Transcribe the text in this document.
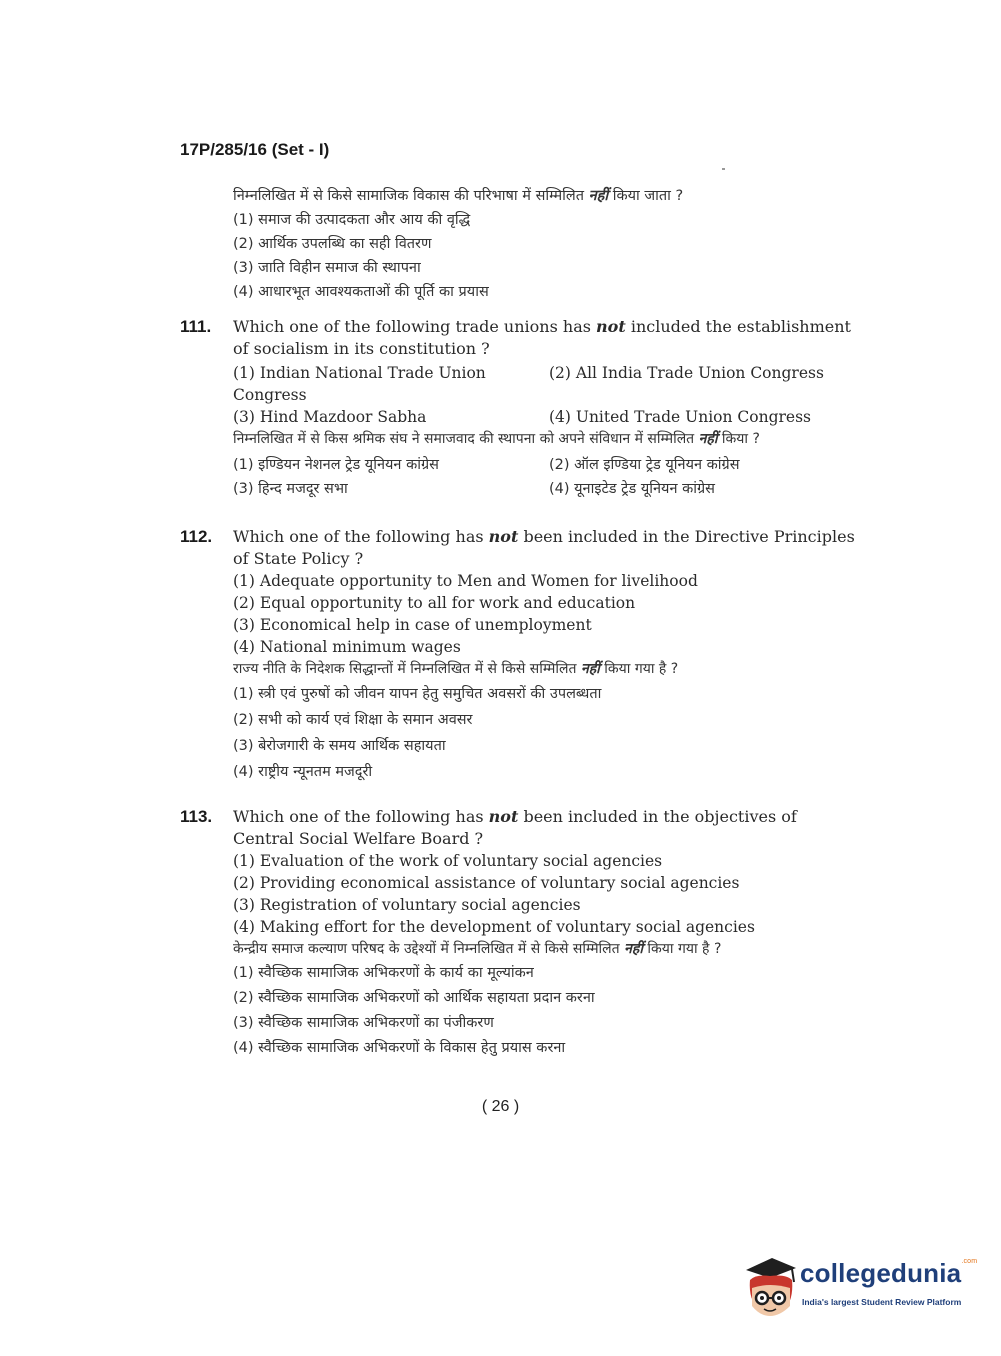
17P/285/16 (Set - I)
निम्नलिखित में से किसे सामाजिक विकास की परिभाषा में सम्मिलित नहीं किया जाता ?
(1) समाज की उत्पादकता और आय की वृद्धि
(2) आर्थिक उपलब्धि का सही वितरण
(3) जाति विहीन समाज की स्थापना
(4) आधारभूत आवश्यकताओं की पूर्ति का प्रयास
111.	Which one of the following trade unions has not included the establishment of socialism in its constitution ?

(1) Indian National Trade Union Congress
(2) All India Trade Union Congress
(3) Hind Mazdoor Sabha	(4) United Trade Union Congress
निम्नलिखित में से किस श्रमिक संघ ने समाजवाद की स्थापना को अपने संविधान में सम्मिलित नहीं किया ?
(1) इण्डियन नेशनल ट्रेड यूनियन कांग्रेस	(2) ऑल इण्डिया ट्रेड यूनियन कांग्रेस
(3) हिन्द मजदूर सभा	(4) यूनाइटेड ट्रेड यूनियन कांग्रेस
112.	Which one of the following has not been included in the Directive Principles of State Policy ?

(1) Adequate opportunity to Men and Women for livelihood
(2) Equal opportunity to all for work and education
(3) Economical help in case of unemployment
(4) National minimum wages
राज्य नीति के निदेशक सिद्धान्तों में निम्नलिखित में से किसे सम्मिलित नहीं किया गया है ?
(1) स्त्री एवं पुरुषों को जीवन यापन हेतु समुचित अवसरों की उपलब्धता
(2) सभी को कार्य एवं शिक्षा के समान अवसर
(3) बेरोजगारी के समय आर्थिक सहायता
(4) राष्ट्रीय न्यूनतम मजदूरी
113.	Which one of the following has not been included in the objectives of Central Social Welfare Board ?

(1) Evaluation of the work of voluntary social agencies
(2) Providing economical assistance of voluntary social agencies
(3) Registration of voluntary social agencies
(4) Making effort for the development of voluntary social agencies
केन्द्रीय समाज कल्याण परिषद के उद्देश्यों में निम्नलिखित में से किसे सम्मिलित नहीं किया गया है ?
(1) स्वैच्छिक सामाजिक अभिकरणों के कार्य का मूल्यांकन
(2) स्वैच्छिक सामाजिक अभिकरणों को आर्थिक सहायता प्रदान करना
(3) स्वैच्छिक सामाजिक अभिकरणों का पंजीकरण
(4) स्वैच्छिक सामाजिक अभिकरणों के विकास हेतु प्रयास करना
( 26 )
collegedunia$^{.com}$
India's largest Student Review Platform
